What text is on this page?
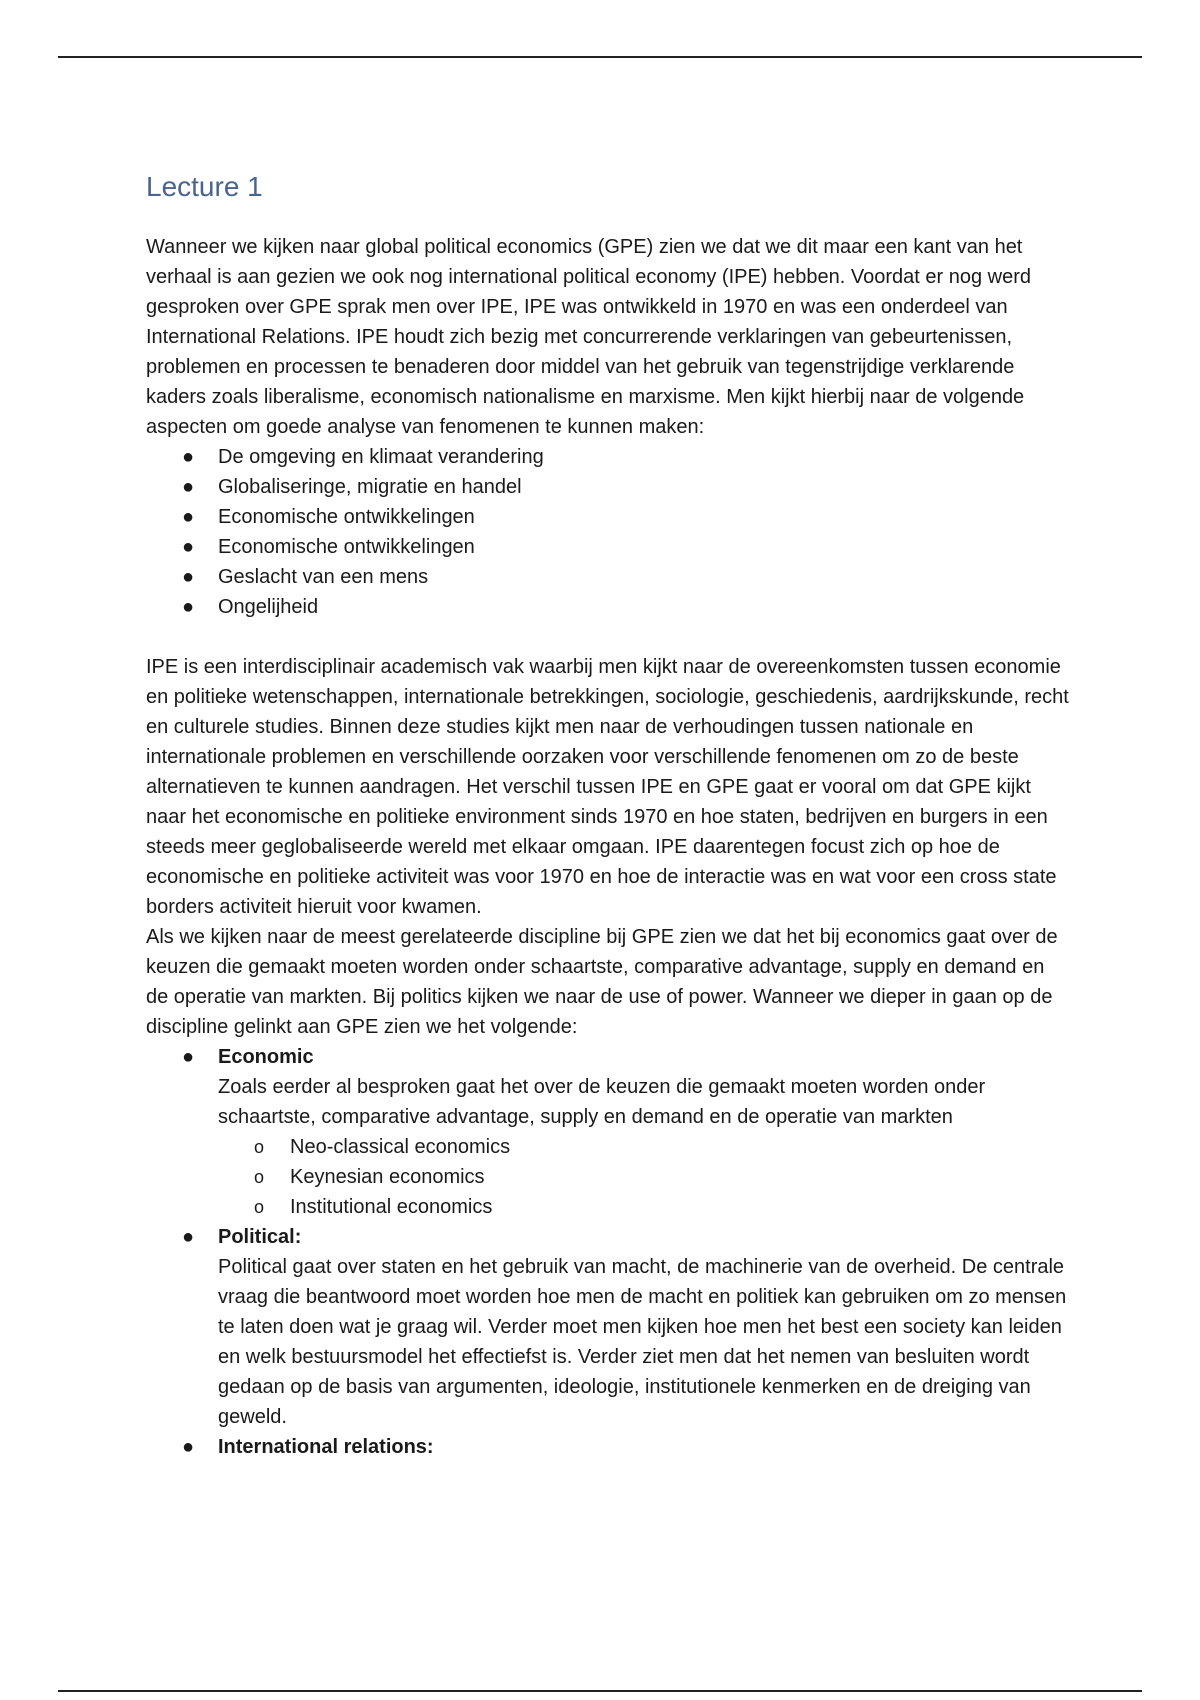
Lecture 1

Wanneer we kijken naar global political economics (GPE) zien we dat we dit maar een kant van het verhaal is aan gezien we ook nog international political economy (IPE) hebben. Voordat er nog werd gesproken over GPE sprak men over IPE, IPE was ontwikkeld in 1970 en was een onderdeel van International Relations. IPE houdt zich bezig met concurrerende verklaringen van gebeurtenissen, problemen en processen te benaderen door middel van het gebruik van tegenstrijdige verklarende kaders zoals liberalisme, economisch nationalisme en marxisme. Men kijkt hierbij naar de volgende aspecten om goede analyse van fenomenen te kunnen maken:

● De omgeving en klimaat verandering
● Globaliseringe, migratie en handel
● Economische ontwikkelingen
● Economische ontwikkelingen
● Geslacht van een mens
● Ongelijheid

IPE is een interdisciplinair academisch vak waarbij men kijkt naar de overeenkomsten tussen economie en politieke wetenschappen, internationale betrekkingen, sociologie, geschiedenis, aardrijkskunde, recht en culturele studies. Binnen deze studies kijkt men naar de verhoudingen tussen nationale en internationale problemen en verschillende oorzaken voor verschillende fenomenen om zo de beste alternatieven te kunnen aandragen. Het verschil tussen IPE en GPE gaat er vooral om dat GPE kijkt naar het economische en politieke environment sinds 1970 en hoe staten, bedrijven en burgers in een steeds meer geglobaliseerde wereld met elkaar omgaan. IPE daarentegen focust zich op hoe de economische en politieke activiteit was voor 1970 en hoe de interactie was en wat voor een cross state borders activiteit hieruit voor kwamen.

Als we kijken naar de meest gerelateerde discipline bij GPE zien we dat het bij economics gaat over de keuzen die gemaakt moeten worden onder schaartste, comparative advantage, supply en demand en de operatie van markten. Bij politics kijken we naar de use of power. Wanneer we dieper in gaan op de discipline gelinkt aan GPE zien we het volgende:

● Economic
Zoals eerder al besproken gaat het over de keuzen die gemaakt moeten worden onder schaartste, comparative advantage, supply en demand en de operatie van markten
o Neo-classical economics
o Keynesian economics
o Institutional economics
● Political:
Political gaat over staten en het gebruik van macht, de machinerie van de overheid. De centrale vraag die beantwoord moet worden hoe men de macht en politiek kan gebruiken om zo mensen te laten doen wat je graag wil. Verder moet men kijken hoe men het best een society kan leiden en welk bestuursmodel het effectiefst is. Verder ziet men dat het nemen van besluiten wordt gedaan op de basis van argumenten, ideologie, institutionele kenmerken en de dreiging van geweld.
● International relations:
